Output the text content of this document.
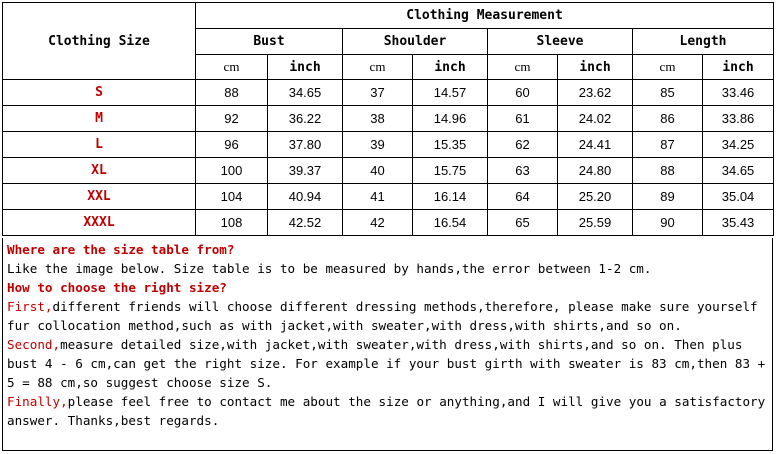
Clothing Size	Clothing Measurement							
	Bust		Shoulder		Sleeve		Length	
	cm	inch	cm	inch	cm	inch	cm	inch
S	88	34.65	37	14.57	60	23.62	85	33.46
M	92	36.22	38	14.96	61	24.02	86	33.86
L	96	37.80	39	15.35	62	24.41	87	34.25
XL	100	39.37	40	15.75	63	24.80	88	34.65
XXL	104	40.94	41	16.14	64	25.20	89	35.04
XXXL	108	42.52	42	16.54	65	25.59	90	35.43

Where are the size table from?

Like the image below. Size table is to be measured by hands,the error between 1-2 cm.

How to choose the right size?

First,different friends will choose different dressing methods,therefore, please make sure yourself fur collocation method,such as with jacket,with sweater,with dress,with shirts,and so on.

Second,measure detailed size,with jacket,with sweater,with dress,with shirts,and so on. Then plus bust 4 - 6 cm,can get the right size. For example if your bust girth with sweater is 83 cm,then 83 + 5 = 88 cm,so suggest choose size S.

Finally,please feel free to contact me about the size or anything,and I will give you a satisfactory answer. Thanks,best regards.
